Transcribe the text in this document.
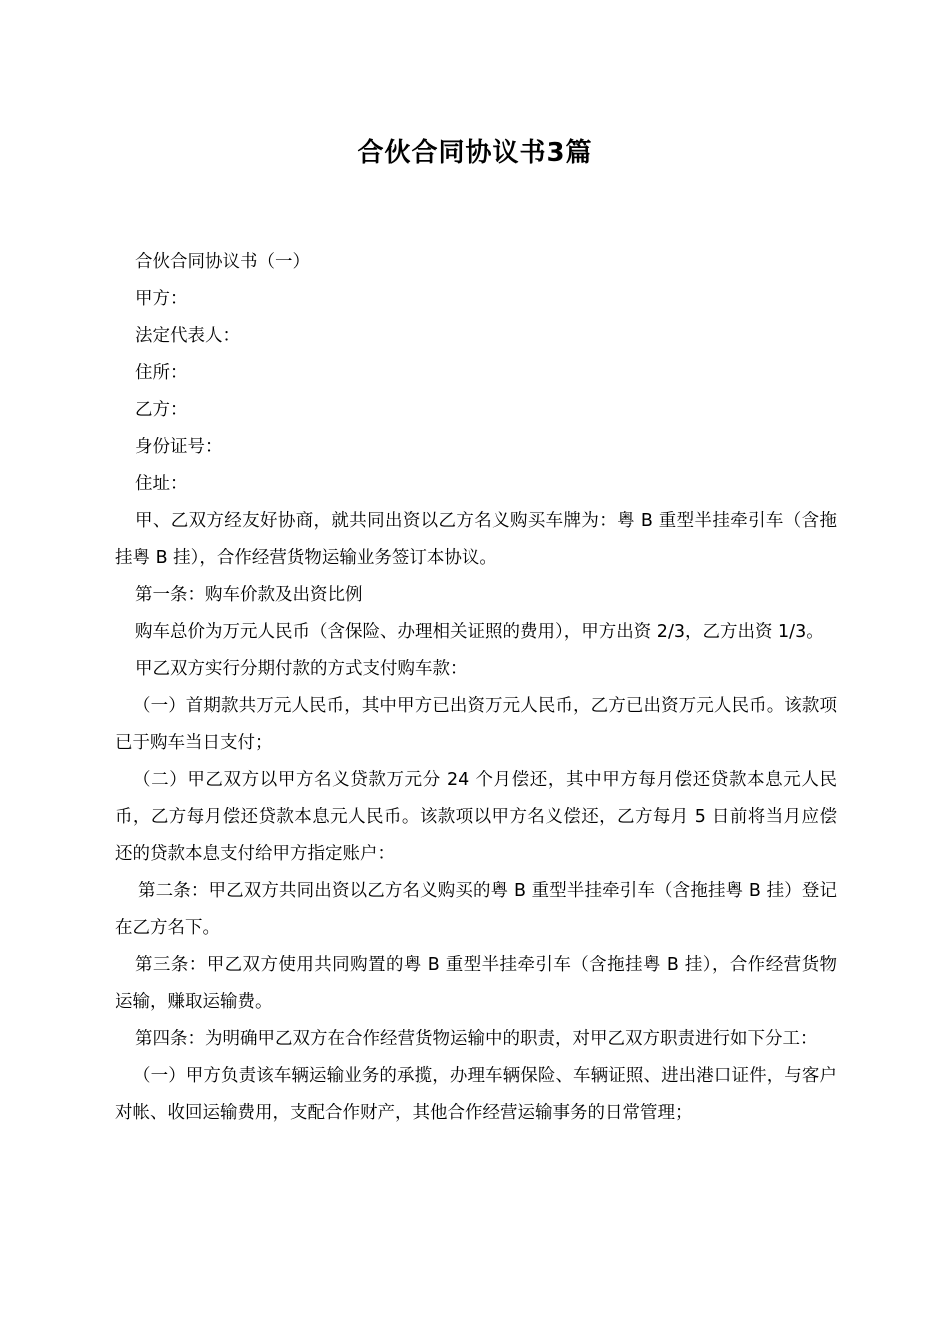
合伙合同协议书3篇

合伙合同协议书（一）

甲方：

法定代表人：

住所：

乙方：

身份证号：

住址：

甲、乙双方经友好协商，就共同出资以乙方名义购买车牌为：粤 B 重型半挂牵引车（含拖挂粤 B 挂），合作经营货物运输业务签订本协议。

第一条：购车价款及出资比例

购车总价为万元人民币（含保险、办理相关证照的费用），甲方出资 2/3，乙方出资 1/3。

甲乙双方实行分期付款的方式支付购车款：

（一）首期款共万元人民币，其中甲方已出资万元人民币，乙方已出资万元人民币。该款项已于购车当日支付；

（二）甲乙双方以甲方名义贷款万元分 24 个月偿还，其中甲方每月偿还贷款本息元人民币，乙方每月偿还贷款本息元人民币。该款项以甲方名义偿还，乙方每月 5 日前将当月应偿还的贷款本息支付给甲方指定账户：

第二条：甲乙双方共同出资以乙方名义购买的粤 B 重型半挂牵引车（含拖挂粤 B 挂）登记在乙方名下。

第三条：甲乙双方使用共同购置的粤 B 重型半挂牵引车（含拖挂粤 B 挂），合作经营货物运输，赚取运输费。

第四条：为明确甲乙双方在合作经营货物运输中的职责，对甲乙双方职责进行如下分工：

（一）甲方负责该车辆运输业务的承揽，办理车辆保险、车辆证照、进出港口证件，与客户对帐、收回运输费用，支配合作财产，其他合作经营运输事务的日常管理；
